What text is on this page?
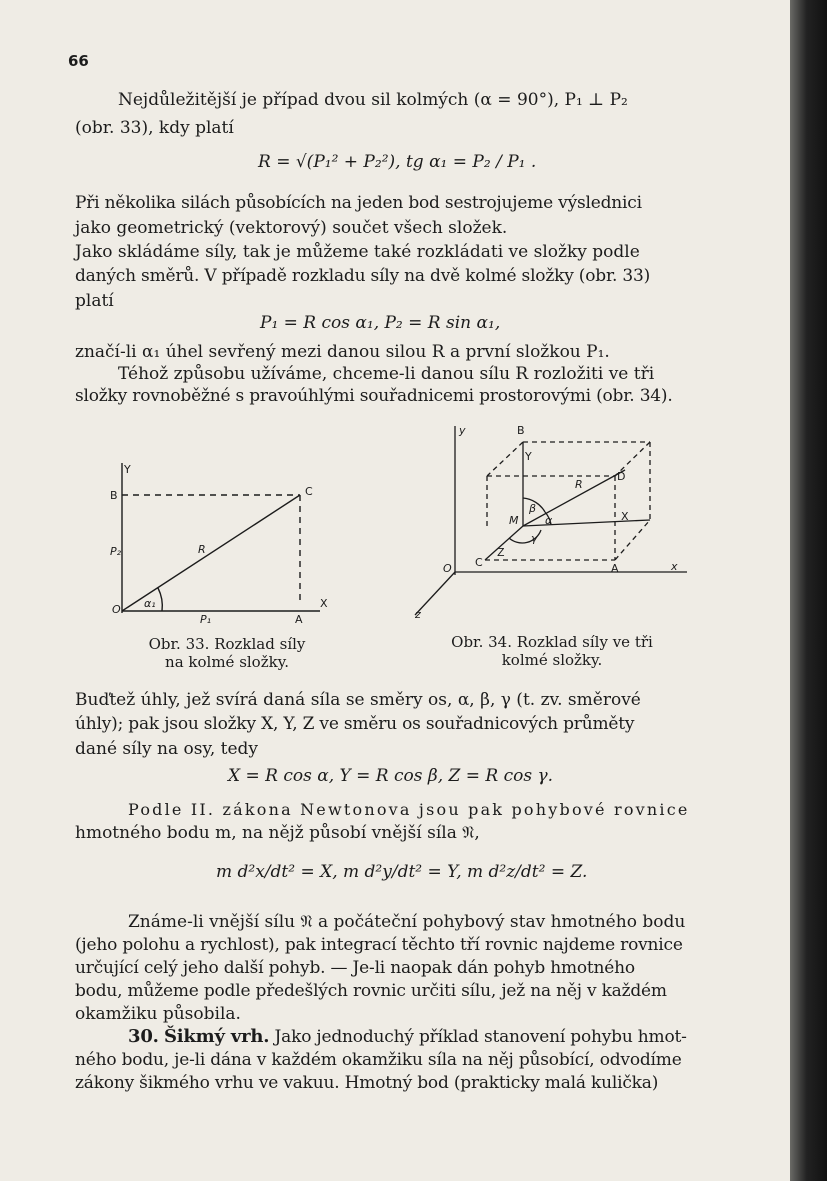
66
Nejdůležitější je případ dvou sil kolmých (α = 90°), P₁ ⊥ P₂
(obr. 33), kdy platí
R = √(P₁² + P₂²), tg α₁ = P₂ / P₁ .
Při několika silách působících na jeden bod sestrojujeme výslednici
jako geometrický (vektorový) součet všech složek.
Jako skládáme síly, tak je můžeme také rozkládati ve složky podle
daných směrů. V případě rozkladu síly na dvě kolmé složky (obr. 33)
platí
P₁ = R cos α₁, P₂ = R sin α₁,
značí-li α₁ úhel sevřený mezi danou silou R a první složkou P₁.
Téhož způsobu užíváme, chceme-li danou sílu R rozložiti ve tři
složky rovnoběžné s pravoúhlými souřadnicemi prostorovými (obr. 34).
Y
B	C
P₂	R
O α₁
P₁	A
X
Obr. 33. Rozklad síly
na kolmé složky.
y	B
Y
D
R
β
M α
γ
x
X
C
Z
z
A
O
Obr. 34. Rozklad síly ve tři
kolmé složky.
Buďtež úhly, jež svírá daná síla se směry os, α, β, γ (t. zv. směrové
úhly); pak jsou složky X, Y, Z ve směru os souřadnicových průměty
dané síly na osy, tedy
X = R cos α, Y = R cos β, Z = R cos γ.
Podle II. zákona Newtonova jsou pak pohybové rovnice
hmotného bodu m, na nějž působí vnější síla 𝔑,
m d²x/dt² = X, m d²y/dt² = Y, m d²z/dt² = Z.
Známe-li vnější sílu 𝔑 a počáteční pohybový stav hmotného bodu
(jeho polohu a rychlost), pak integrací těchto tří rovnic najdeme rovnice
určující celý jeho další pohyb. — Je-li naopak dán pohyb hmotného
bodu, můžeme podle předešlých rovnic určiti sílu, jež na něj v každém
okamžiku působila.
30. Šikmý vrh. Jako jednoduchý příklad stanovení pohybu hmot-
ného bodu, je-li dána v každém okamžiku síla na něj působící, odvodíme
zákony šikmého vrhu ve vakuu. Hmotný bod (prakticky malá kulička)
